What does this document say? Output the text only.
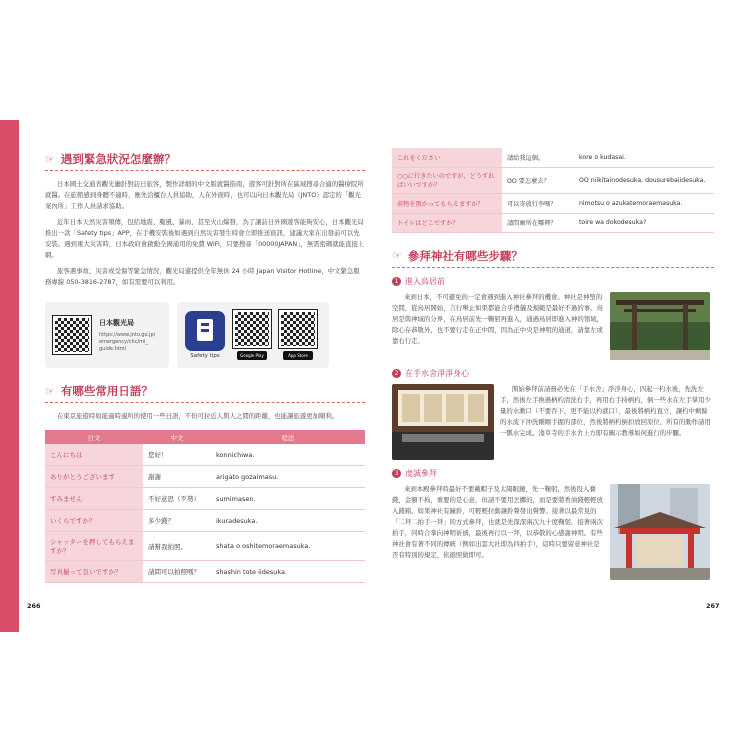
☞ 遇到緊急狀況怎麼辦？

日本國土交通省觀光廳針對訪日旅客，製作詳細的中文版就醫指南，遊客可針對所在區域搜尋合適的醫療院所就醫。在旅館感到身體不適時，應先洽櫃台人員協助，人在外面時，也可以向日本觀光局（JNTO）認定的「觀光案內所」工作人員請求協助。

近年日本天然災害頻傳，包括地震、颱風、暴雨，甚至火山爆發，為了讓訪日外國遊客能夠安心，日本觀光局推出一款「Safety tips」APP，在手機安裝後如遇到自然災害發生時會立即推送資訊，建議大家在出發前可以先安裝。遇到重大災害時，日本政府會啟動全國通用的免費 WiFi，只要搜尋「00000JAPAN」，無需密碼就能直接上網。

旅客遇事故、災害或受傷等緊急情況，觀光局還提供全年無休 24 小時 Japan Visitor Hotline，中文緊急服務專線 050-3816-2787，如有需要可以利用。

日本觀光局
https://www.jnto.go.jp/
emergency/chc/mi_
guide.html
Safety tips	Google Play	App Store
☞ 有哪些常用日語？

在東京旅遊時如能適時適所的使用一些日語，不但可拉近人與人之間的距離，也能讓旅遊更加順利。

日文	中文	唸法
こんにちは	您好！	konnichiwa.
ありがとうございます	謝謝	arigato gozaimasu.
すみません	不好意思（歹勢）	sumimasen.
いくらですか？	多少錢？	ikuradesuka.
シャッターを押してもらえますか？	請幫我拍照。	shata o oshitemoraemasuka.
写真撮って良いですか？	請問可以拍照嗎？	shashin tote iidesuka.
266
これをください	請給我這個。	kore o kudasai.
○○に行きたいのですが、どうすればいいですか？	OO 要怎麼去？	OO niikitainodesuka, dousurebaiidesuka.
荷物を預かってもらえますか？	可以寄放行李嗎？	nimotsu o azukatemoraemasuka.
トイレはどこですか？	請問廁所在哪裡？	toire wa dokodesuka?
☞ 參拜神社有哪些步驟？
1 進入鳥居前

來到日本，不可避免的一定會遇到進入神社參拜的機會。神社是神聖的空間，從鳥居開始，言行舉止如果都能合乎禮儀及規範是最好不過的事。鳥居是與神域的分界，在鳥居前先一鞠躬再進入，通過鳥居即進入神的領域，除心存恭敬外，也不要行走在正中間，因為正中央是神明的通道，請靠左或靠右行走。

2 在手水舍淨淨身心

開始參拜前請務必先在「手水舍」淨淨身心，四起一杓水後，先洗左手，然後左手換過柄杓清洗右手，再用右手持柄杓，倒一些水在左手掌用少量的水漱口（不要吞下，更不能以杓就口），最後將柄杓直立，讓杓中剩餘的水流下沖洗剛剛手握的部位，然後將柄杓倒扣放回原位，所有的動作請用一瓢水完成。淺草寺的手水舍上方即有圖示教導如何進行的步驟。

3 虔誠參拜

來到本殿參拜時最好不要戴帽子及太陽眼鏡，先一鞠躬，然後投入賽錢，金額不拘，重要的是心意，但請不要用丟擲的，而是要將香油錢輕輕放入錢箱。如果神社有鐘鈴，可輕輕拉動讓鈴聲發出聲響。接著以最常見的「二拜二拍手一拜」的方式參拜，也就是先深深兩次九十度鞠躬，接著兩次拍手，同時合掌向神明祈禱，最後再行以一拜，以恭敬的心感謝神明。有些神社會有著不同的傳統（例如出雲大社即為四拍手），這時只要留意神社是否有特別的規定，依循照做即可。

267
